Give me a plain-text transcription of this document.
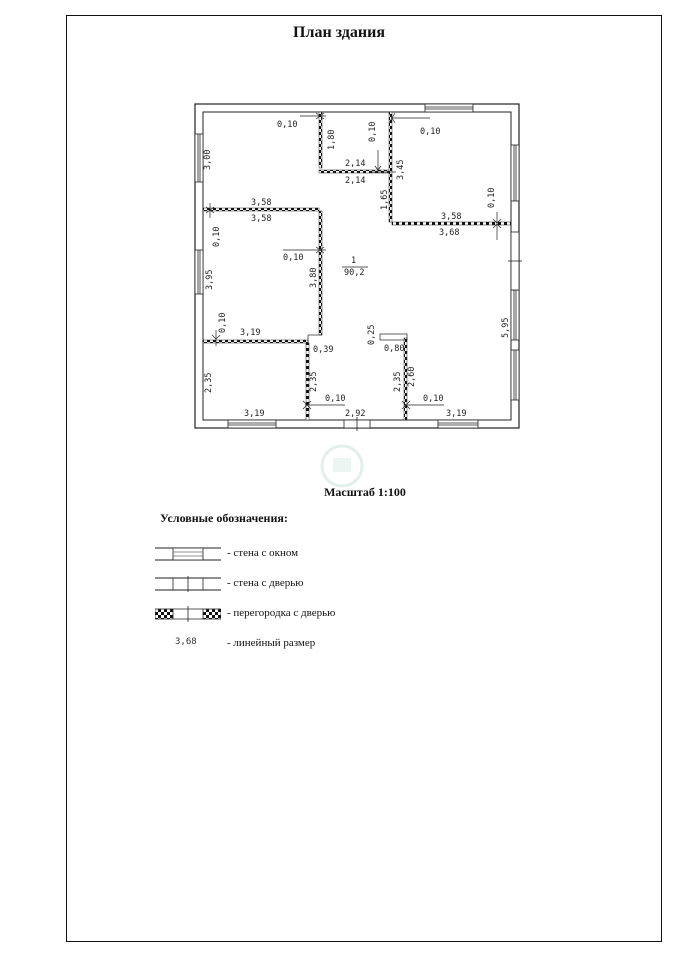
План здания
0,10
1,80	0,10	0,10
2,14
2,14
3,45
3,00
1,65	0,10
3,58
3,58	3,58
3,68
0,10
0,10
3,95	3,80
1
90,2
0,10 3,19	5,95
0,25
0,39	0,80
2,35	2,35	2,35 2,60
0,10	0,10
3,19	2,92	3,19
Масштаб 1:100
Условные обозначения:
- стена с окном
- стена с дверью
- перегородка с дверью
3,68	- линейный размер
